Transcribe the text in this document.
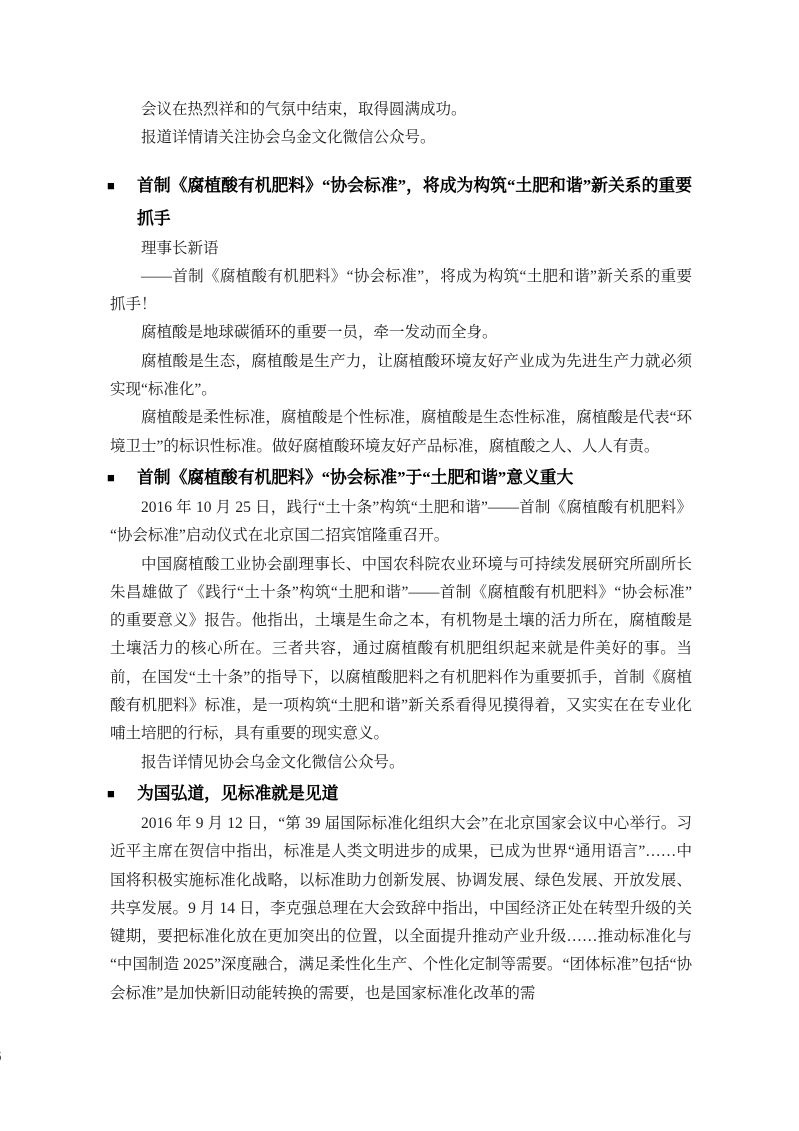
会议在热烈祥和的气氛中结束，取得圆满成功。

报道详情请关注协会乌金文化微信公众号。

■ 首制《腐植酸有机肥料》“协会标准”，将成为构筑“土肥和谐”新关系的重要抓手

理事长新语

——首制《腐植酸有机肥料》“协会标准”，将成为构筑“土肥和谐”新关系的重要抓手！

腐植酸是地球碳循环的重要一员，牵一发动而全身。

腐植酸是生态，腐植酸是生产力，让腐植酸环境友好产业成为先进生产力就必须实现“标准化”。

腐植酸是柔性标准，腐植酸是个性标准，腐植酸是生态性标准，腐植酸是代表“环境卫士”的标识性标准。做好腐植酸环境友好产品标准，腐植酸之人、人人有责。

■ 首制《腐植酸有机肥料》“协会标准”于“土肥和谐”意义重大

2016 年 10 月 25 日，践行“土十条”构筑“土肥和谐”——首制《腐植酸有机肥料》“协会标准”启动仪式在北京国二招宾馆隆重召开。

中国腐植酸工业协会副理事长、中国农科院农业环境与可持续发展研究所副所长朱昌雄做了《践行“土十条”构筑“土肥和谐”——首制《腐植酸有机肥料》“协会标准”的重要意义》报告。他指出，土壤是生命之本，有机物是土壤的活力所在，腐植酸是土壤活力的核心所在。三者共容，通过腐植酸有机肥组织起来就是件美好的事。当前，在国发“土十条”的指导下，以腐植酸肥料之有机肥料作为重要抓手，首制《腐植酸有机肥料》标准，是一项构筑“土肥和谐”新关系看得见摸得着，又实实在在专业化哺土培肥的行标，具有重要的现实意义。

报告详情见协会乌金文化微信公众号。

■ 为国弘道，见标准就是见道

2016 年 9 月 12 日，“第 39 届国际标准化组织大会”在北京国家会议中心举行。习近平主席在贺信中指出，标准是人类文明进步的成果，已成为世界“通用语言”……中国将积极实施标准化战略，以标准助力创新发展、协调发展、绿色发展、开放发展、共享发展。9 月 14 日，李克强总理在大会致辞中指出，中国经济正处在转型升级的关键期，要把标准化放在更加突出的位置，以全面提升推动产业升级……推动标准化与“中国制造 2025”深度融合，满足柔性化生产、个性化定制等需要。“团体标准”包括“协会标准”是加快新旧动能转换的需要，也是国家标准化改革的需
